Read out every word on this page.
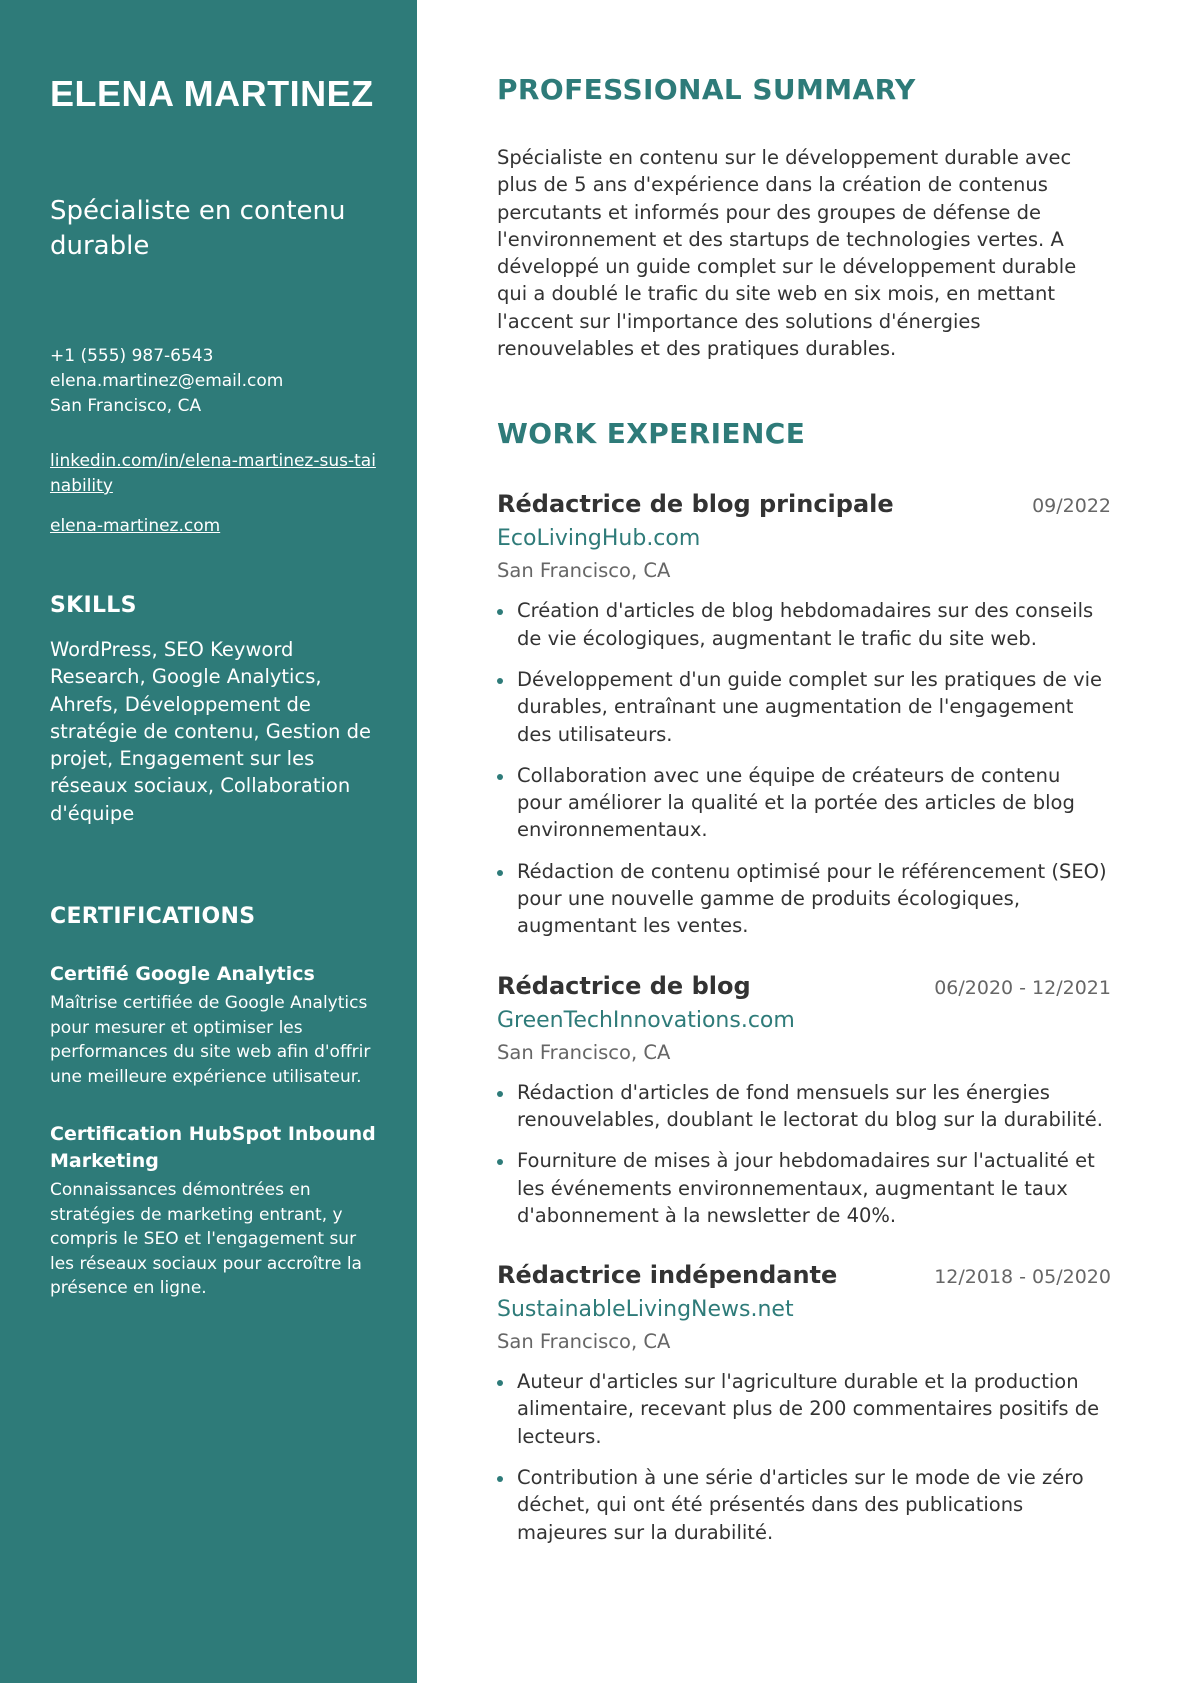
ELENA MARTINEZ
Spécialiste en contenu durable
+1 (555) 987-6543
elena.martinez@email.com
San Francisco, CA
linkedin.com/in/elena-martinez-sus-tainability
elena-martinez.com
SKILLS

WordPress, SEO Keyword Research, Google Analytics, Ahrefs, Développement de stratégie de contenu, Gestion de projet, Engagement sur les réseaux sociaux, Collaboration d'équipe

CERTIFICATIONS
Certifié Google Analytics
Maîtrise certifiée de Google Analytics pour mesurer et optimiser les performances du site web afin d'offrir une meilleure expérience utilisateur.
Certification HubSpot Inbound Marketing
Connaissances démontrées en stratégies de marketing entrant, y compris le SEO et l'engagement sur les réseaux sociaux pour accroître la présence en ligne.
PROFESSIONAL SUMMARY

Spécialiste en contenu sur le développement durable avec plus de 5 ans d'expérience dans la création de contenus percutants et informés pour des groupes de défense de l'environnement et des startups de technologies vertes. A développé un guide complet sur le développement durable qui a doublé le trafic du site web en six mois, en mettant l'accent sur l'importance des solutions d'énergies renouvelables et des pratiques durables.

WORK EXPERIENCE
Rédactrice de blog principale	09/2022
EcoLivingHub.com
San Francisco, CA
Création d'articles de blog hebdomadaires sur des conseils de vie écologiques, augmentant le trafic du site web.
Développement d'un guide complet sur les pratiques de vie durables, entraînant une augmentation de l'engagement des utilisateurs.
Collaboration avec une équipe de créateurs de contenu pour améliorer la qualité et la portée des articles de blog environnementaux.
Rédaction de contenu optimisé pour le référencement (SEO) pour une nouvelle gamme de produits écologiques, augmentant les ventes.
Rédactrice de blog	06/2020 - 12/2021
GreenTechInnovations.com
San Francisco, CA
Rédaction d'articles de fond mensuels sur les énergies renouvelables, doublant le lectorat du blog sur la durabilité.
Fourniture de mises à jour hebdomadaires sur l'actualité et les événements environnementaux, augmentant le taux d'abonnement à la newsletter de 40%.
Rédactrice indépendante	12/2018 - 05/2020
SustainableLivingNews.net
San Francisco, CA
Auteur d'articles sur l'agriculture durable et la production alimentaire, recevant plus de 200 commentaires positifs de lecteurs.
Contribution à une série d'articles sur le mode de vie zéro déchet, qui ont été présentés dans des publications majeures sur la durabilité.
